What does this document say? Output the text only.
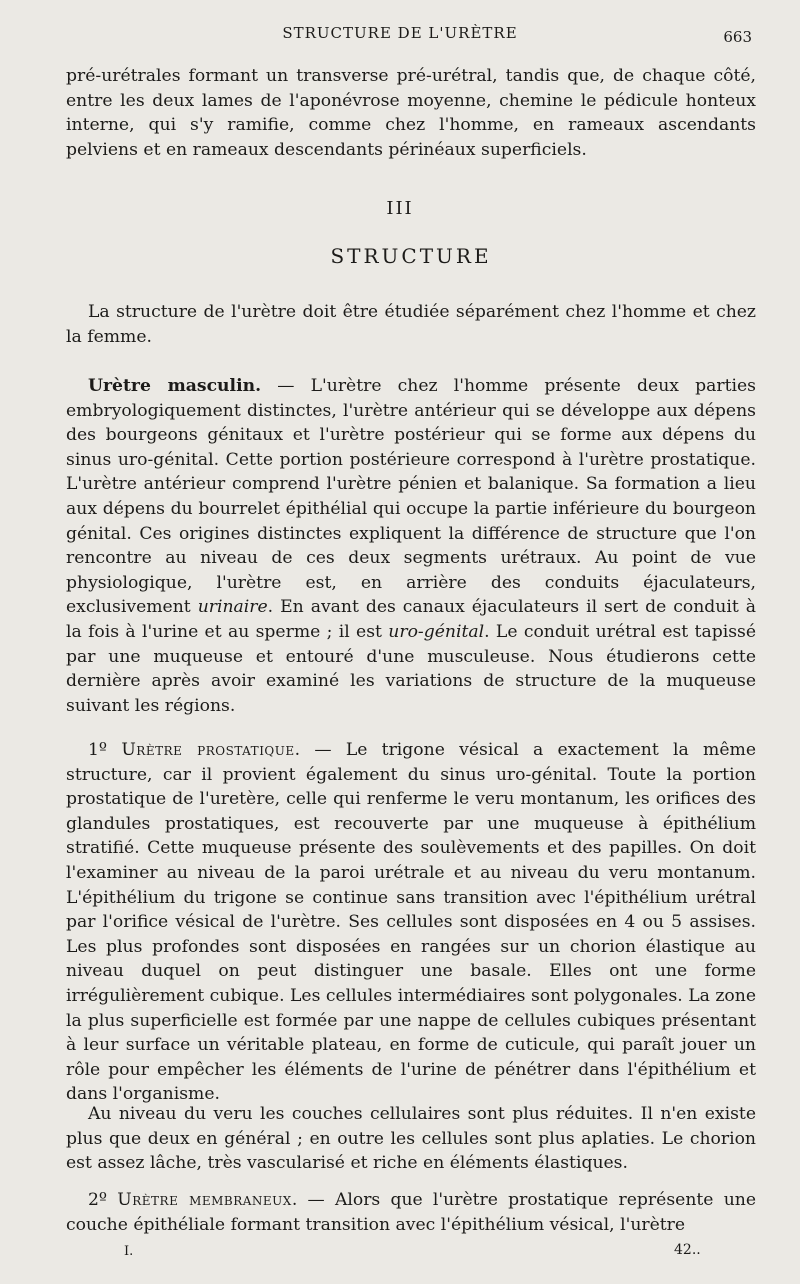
STRUCTURE DE L'URÈTRE	663

pré-urétrales formant un transverse pré-urétral, tandis que, de chaque côté, entre les deux lames de l'aponévrose moyenne, chemine le pédicule honteux interne, qui s'y ramifie, comme chez l'homme, en rameaux ascendants pelviens et en rameaux descendants périnéaux superficiels.

III
STRUCTURE

La structure de l'urètre doit être étudiée séparément chez l'homme et chez la femme.

Urètre masculin. — L'urètre chez l'homme présente deux parties embryologiquement distinctes, l'urètre antérieur qui se développe aux dépens des bourgeons génitaux et l'urètre postérieur qui se forme aux dépens du sinus uro-génital. Cette portion postérieure correspond à l'urètre prostatique. L'urètre antérieur comprend l'urètre pénien et balanique. Sa formation a lieu aux dépens du bourrelet épithélial qui occupe la partie inférieure du bourgeon génital. Ces origines distinctes expliquent la différence de structure que l'on rencontre au niveau de ces deux segments urétraux. Au point de vue physiologique, l'urètre est, en arrière des conduits éjaculateurs, exclusivement urinaire. En avant des canaux éjaculateurs il sert de conduit à la fois à l'urine et au sperme ; il est uro-génital. Le conduit urétral est tapissé par une muqueuse et entouré d'une musculeuse. Nous étudierons cette dernière après avoir examiné les variations de structure de la muqueuse suivant les régions.

1º Urètre prostatique. — Le trigone vésical a exactement la même structure, car il provient également du sinus uro-génital. Toute la portion prostatique de l'uretère, celle qui renferme le veru montanum, les orifices des glandules prostatiques, est recouverte par une muqueuse à épithélium stratifié. Cette muqueuse présente des soulèvements et des papilles. On doit l'examiner au niveau de la paroi urétrale et au niveau du veru montanum. L'épithélium du trigone se continue sans transition avec l'épithélium urétral par l'orifice vésical de l'urètre. Ses cellules sont disposées en 4 ou 5 assises. Les plus profondes sont disposées en rangées sur un chorion élastique au niveau duquel on peut distinguer une basale. Elles ont une forme irrégulièrement cubique. Les cellules intermédiaires sont polygonales. La zone la plus superficielle est formée par une nappe de cellules cubiques présentant à leur surface un véritable plateau, en forme de cuticule, qui paraît jouer un rôle pour empêcher les éléments de l'urine de pénétrer dans l'épithélium et dans l'organisme.

Au niveau du veru les couches cellulaires sont plus réduites. Il n'en existe plus que deux en général ; en outre les cellules sont plus aplaties. Le chorion est assez lâche, très vascularisé et riche en éléments élastiques.

2º Urètre membraneux. — Alors que l'urètre prostatique représente une couche épithéliale formant transition avec l'épithélium vésical, l'urètre

I.	42..
